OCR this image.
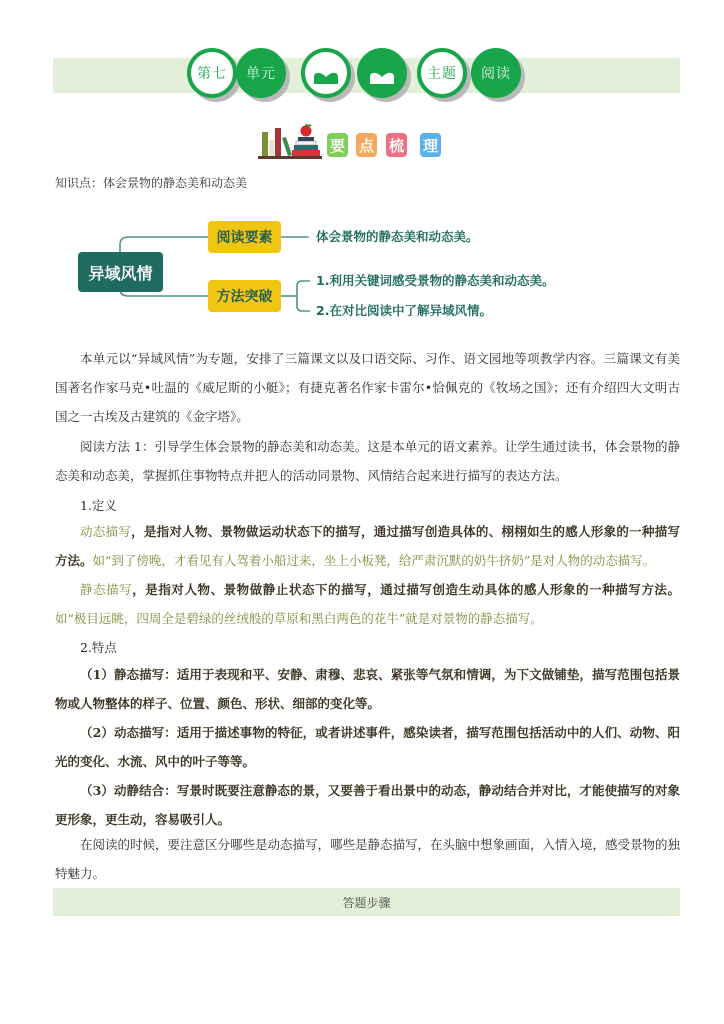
第七 单元	主题 阅读
要 点 梳 理
知识点：体会景物的静态美和动态美
异域风情
阅读要素
方法突破
体会景物的静态美和动态美。
1.利用关键词感受景物的静态美和动态美。
2.在对比阅读中了解异域风情。
本单元以“异域风情”为专题，安排了三篇课文以及口语交际、习作、语文园地等项教学内容。三篇课文有美国著名作家马克•吐温的《威尼斯的小艇》；有捷克著名作家卡雷尔•恰佩克的《牧场之国》；还有介绍四大文明古国之一古埃及古建筑的《金字塔》。
阅读方法 1：引导学生体会景物的静态美和动态美。这是本单元的语文素养。让学生通过读书，体会景物的静态美和动态美，掌握抓住事物特点并把人的活动同景物、风情结合起来进行描写的表达方法。
1.定义
动态描写，是指对人物、景物做运动状态下的描写，通过描写创造具体的、栩栩如生的感人形象的一种描写方法。如“到了傍晚，才看见有人驾着小船过来，坐上小板凳，给严肃沉默的奶牛挤奶”是对人物的动态描写。
静态描写，是指对人物、景物做静止状态下的描写，通过描写创造生动具体的感人形象的一种描写方法。如“极目远眺，四周全是碧绿的丝绒般的草原和黑白两色的花牛”就是对景物的静态描写。
2.特点
（1）静态描写：适用于表现和平、安静、肃穆、悲哀、紧张等气氛和情调，为下文做铺垫，描写范围包括景物或人物整体的样子、位置、颜色、形状、细部的变化等。
（2）动态描写：适用于描述事物的特征，或者讲述事件，感染读者，描写范围包括活动中的人们、动物、阳光的变化、水流、风中的叶子等等。
（3）动静结合：写景时既要注意静态的景，又要善于看出景中的动态，静动结合并对比，才能使描写的对象更形象，更生动，容易吸引人。
在阅读的时候，要注意区分哪些是动态描写，哪些是静态描写，在头脑中想象画面，入情入境，感受景物的独特魅力。
答题步骤
